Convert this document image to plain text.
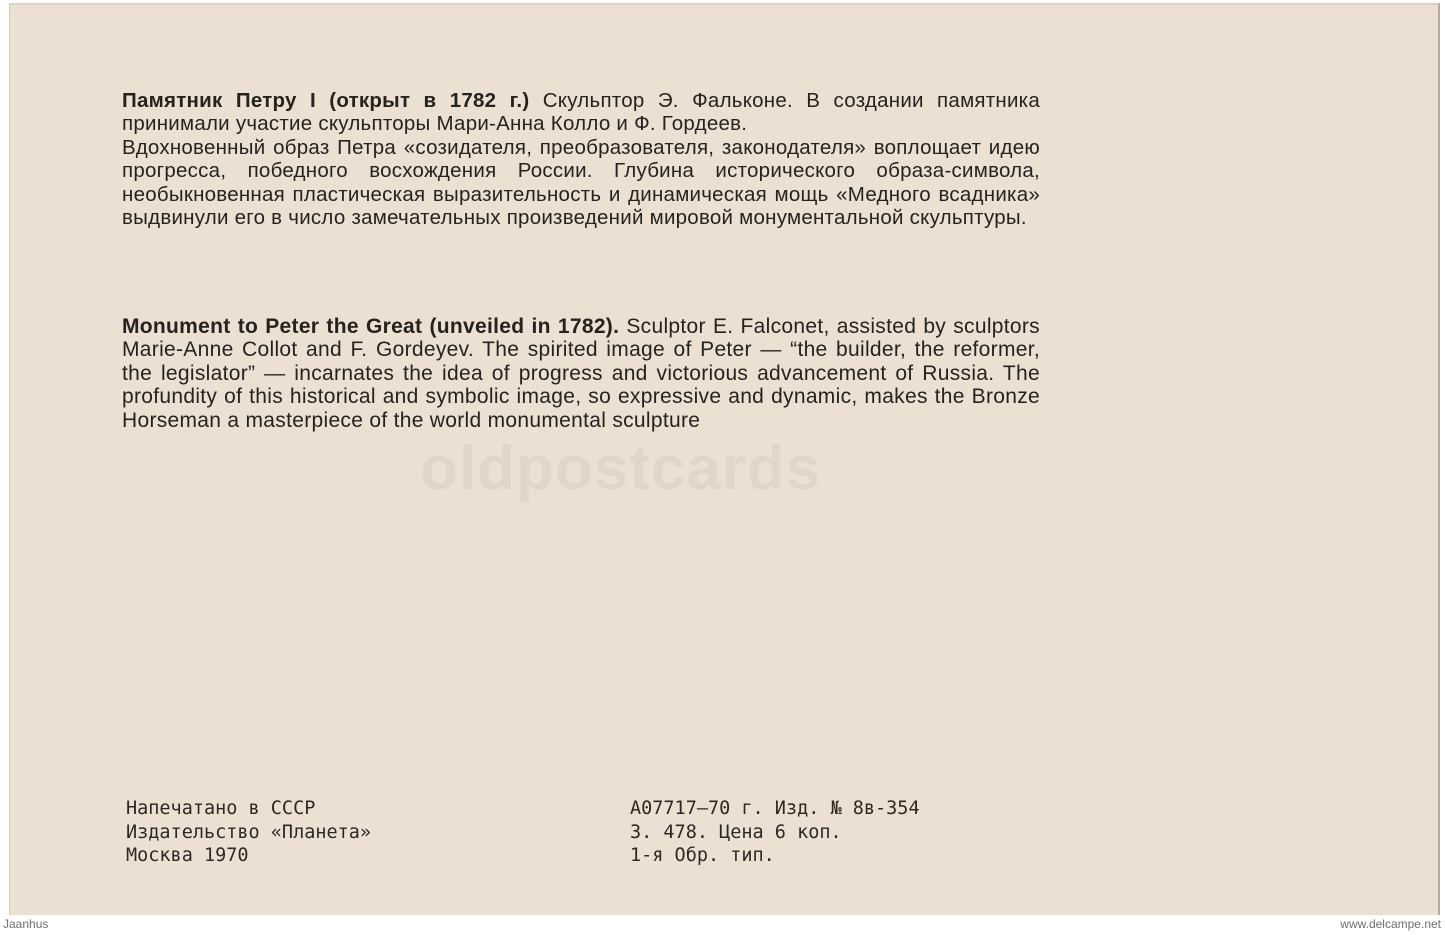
oldpostcards

Памятник Петру I (открыт в 1782 г.) Скульптор Э. Фальконе. В создании памятника принимали участие скульпторы Мари-Анна Колло и Ф. Гордеев.

Вдохновенный образ Петра «созидателя, преобразователя, законодателя» воплощает идею прогресса, победного восхождения России. Глубина исторического образа-символа, необыкновенная пластическая выразительность и динамическая мощь «Медного всадника» выдвинули его в число замечательных произведений мировой монументальной скульптуры.

Monument to Peter the Great (unveiled in 1782). Sculptor E. Falconet, assisted by sculptors Marie-Anne Collot and F. Gordeyev. The spirited image of Peter — “the builder, the reformer, the legislator” — incarnates the idea of progress and victorious advancement of Russia. The profundity of this historical and symbolic image, so expressive and dynamic, makes the Bronze Horseman a masterpiece of the world monumental sculpture

Напечатано в СССР
Издательство «Планета»
Москва 1970
А07717—70 г. Изд. № 8в-354
З. 478. Цена 6 коп.
1-я Обр. тип.
Jaanhus	www.delcampe.net
